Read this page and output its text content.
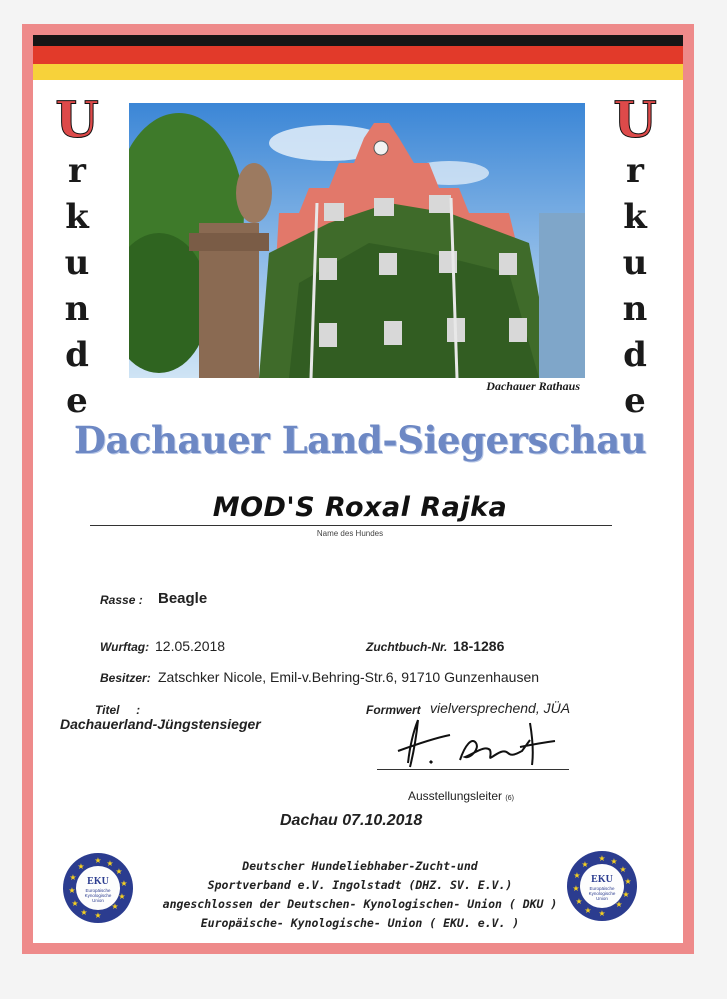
U
r
k
u
n
d
e
U
r
k
u
n
d
e
Dachauer Rathaus
Dachauer Land-Siegerschau
MOD'S Roxal Rajka
Name des Hundes
Rasse : Beagle
Wurftag: 12.05.2018	Zuchtbuch-Nr. 18-1286
Besitzer: Zatschker Nicole, Emil-v.Behring-Str.6, 91710 Gunzenhausen
Titel     :
Dachauerland-Jüngstensieger
Formwert vielversprechend, JÜA
Ausstellungsleiter (6)
Dachau 07.10.2018
Deutscher Hundeliebhaber-Zucht-und
Sportverband e.V. Ingolstadt (DHZ. SV. E.V.)
angeschlossen der Deutschen- Kynologischen- Union ( DKU )
Europäische- Kynologische- Union ( EKU. e.V. )
★ ★
★
★
★
★
★
★
★
★
★
★
EKU
Europäische
Kynologische
Union
★ ★
★
★
★
★
★
★
★
★
★
★
EKU
Europäische
Kynologische
Union
